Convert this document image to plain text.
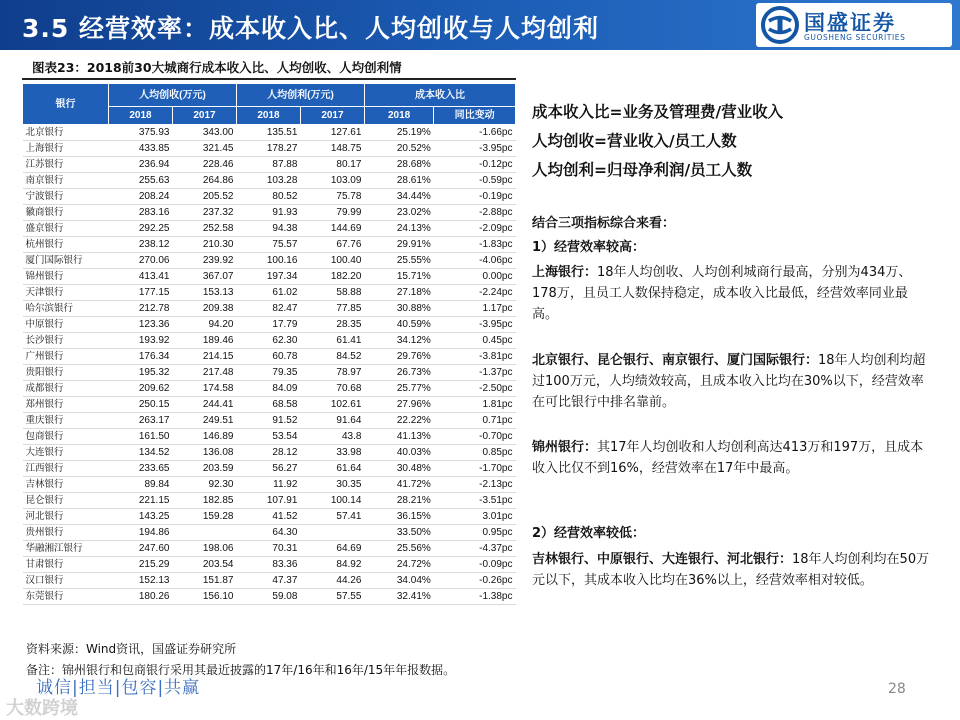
3.5 经营效率：成本收入比、人均创收与人均创利	国盛证券
GUOSHENG SECURITIES
图表23：2018前30大城商行成本收入比、人均创收、人均创利情
银行	人均创收(万元)		人均创利(万元)		成本收入比	
	2018	2017	2018	2017	2018	同比变动
北京银行	375.93	343.00	135.51	127.61	25.19%	-1.66pc
上海银行	433.85	321.45	178.27	148.75	20.52%	-3.95pc
江苏银行	236.94	228.46	87.88	80.17	28.68%	-0.12pc
南京银行	255.63	264.86	103.28	103.09	28.61%	-0.59pc
宁波银行	208.24	205.52	80.52	75.78	34.44%	-0.19pc
徽商银行	283.16	237.32	91.93	79.99	23.02%	-2.88pc
盛京银行	292.25	252.58	94.38	144.69	24.13%	-2.09pc
杭州银行	238.12	210.30	75.57	67.76	29.91%	-1.83pc
厦门国际银行	270.06	239.92	100.16	100.40	25.55%	-4.06pc
锦州银行	413.41	367.07	197.34	182.20	15.71%	0.00pc
天津银行	177.15	153.13	61.02	58.88	27.18%	-2.24pc
哈尔滨银行	212.78	209.38	82.47	77.85	30.88%	1.17pc
中原银行	123.36	94.20	17.79	28.35	40.59%	-3.95pc
长沙银行	193.92	189.46	62.30	61.41	34.12%	0.45pc
广州银行	176.34	214.15	60.78	84.52	29.76%	-3.81pc
贵阳银行	195.32	217.48	79.35	78.97	26.73%	-1.37pc
成都银行	209.62	174.58	84.09	70.68	25.77%	-2.50pc
郑州银行	250.15	244.41	68.58	102.61	27.96%	1.81pc
重庆银行	263.17	249.51	91.52	91.64	22.22%	0.71pc
包商银行	161.50	146.89	53.54	43.8	41.13%	-0.70pc
大连银行	134.52	136.08	28.12	33.98	40.03%	0.85pc
江西银行	233.65	203.59	56.27	61.64	30.48%	-1.70pc
吉林银行	89.84	92.30	11.92	30.35	41.72%	-2.13pc
昆仑银行	221.15	182.85	107.91	100.14	28.21%	-3.51pc
河北银行	143.25	159.28	41.52	57.41	36.15%	3.01pc
贵州银行	194.86		64.30		33.50%	0.95pc
华融湘江银行	247.60	198.06	70.31	64.69	25.56%	-4.37pc
甘肃银行	215.29	203.54	83.36	84.92	24.72%	-0.09pc
汉口银行	152.13	151.87	47.37	44.26	34.04%	-0.26pc
东莞银行	180.26	156.10	59.08	57.55	32.41%	-1.38pc
资料来源：Wind资讯，国盛证券研究所
备注：锦州银行和包商银行采用其最近披露的17年/16年和16年/15年年报数据。
成本收入比=业务及管理费/营业收入
人均创收=营业收入/员工人数
人均创利=归母净利润/员工人数
结合三项指标综合来看：
1）经营效率较高：
上海银行：18年人均创收、人均创利城商行最高，分别为434万、178万，且员工人数保持稳定，成本收入比最低，经营效率同业最高。
北京银行、昆仑银行、南京银行、厦门国际银行：18年人均创利均超过100万元，人均绩效较高，且成本收入比均在30%以下，经营效率在可比银行中排名靠前。
锦州银行：其17年人均创收和人均创利高达413万和197万，且成本收入比仅不到16%，经营效率在17年中最高。
2）经营效率较低：
吉林银行、中原银行、大连银行、河北银行：18年人均创利均在50万元以下，其成本收入比均在36%以上，经营效率相对较低。
诚信|担当|包容|共赢
大数跨境
28
